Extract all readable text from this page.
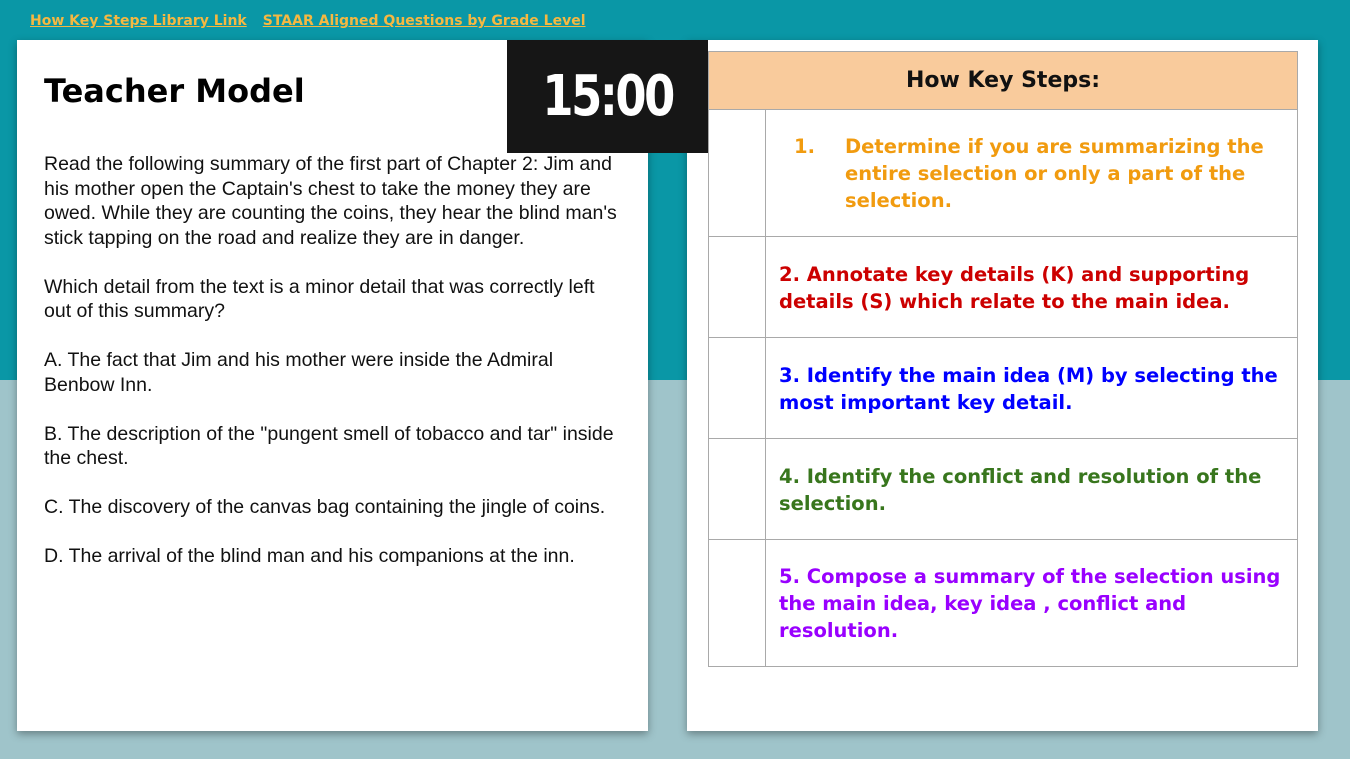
How Key Steps Library Link STAAR Aligned Questions by Grade Level
Teacher Model

Read the following summary of the first part of Chapter 2: Jim and his mother open the Captain's chest to take the money they are owed. While they are counting the coins, they hear the blind man's stick tapping on the road and realize they are in danger.

Which detail from the text is a minor detail that was correctly left out of this summary?

A. The fact that Jim and his mother were inside the Admiral Benbow Inn.

B. The description of the "pungent smell of tobacco and tar" inside the chest.

C. The discovery of the canvas bag containing the jingle of coins.

D. The arrival of the blind man and his companions at the inn.

15:00	How Key Steps:	

	1. Determine if you are summarizing the entire selection or only a part of the selection.

	2. Annotate key details (K) and supporting details (S) which relate to the main idea.
	3. Identify the main idea (M) by selecting the most important key detail.
	4. Identify the conflict and resolution of the selection.
	5. Compose a summary of the selection using the main idea, key idea , conflict and resolution.
